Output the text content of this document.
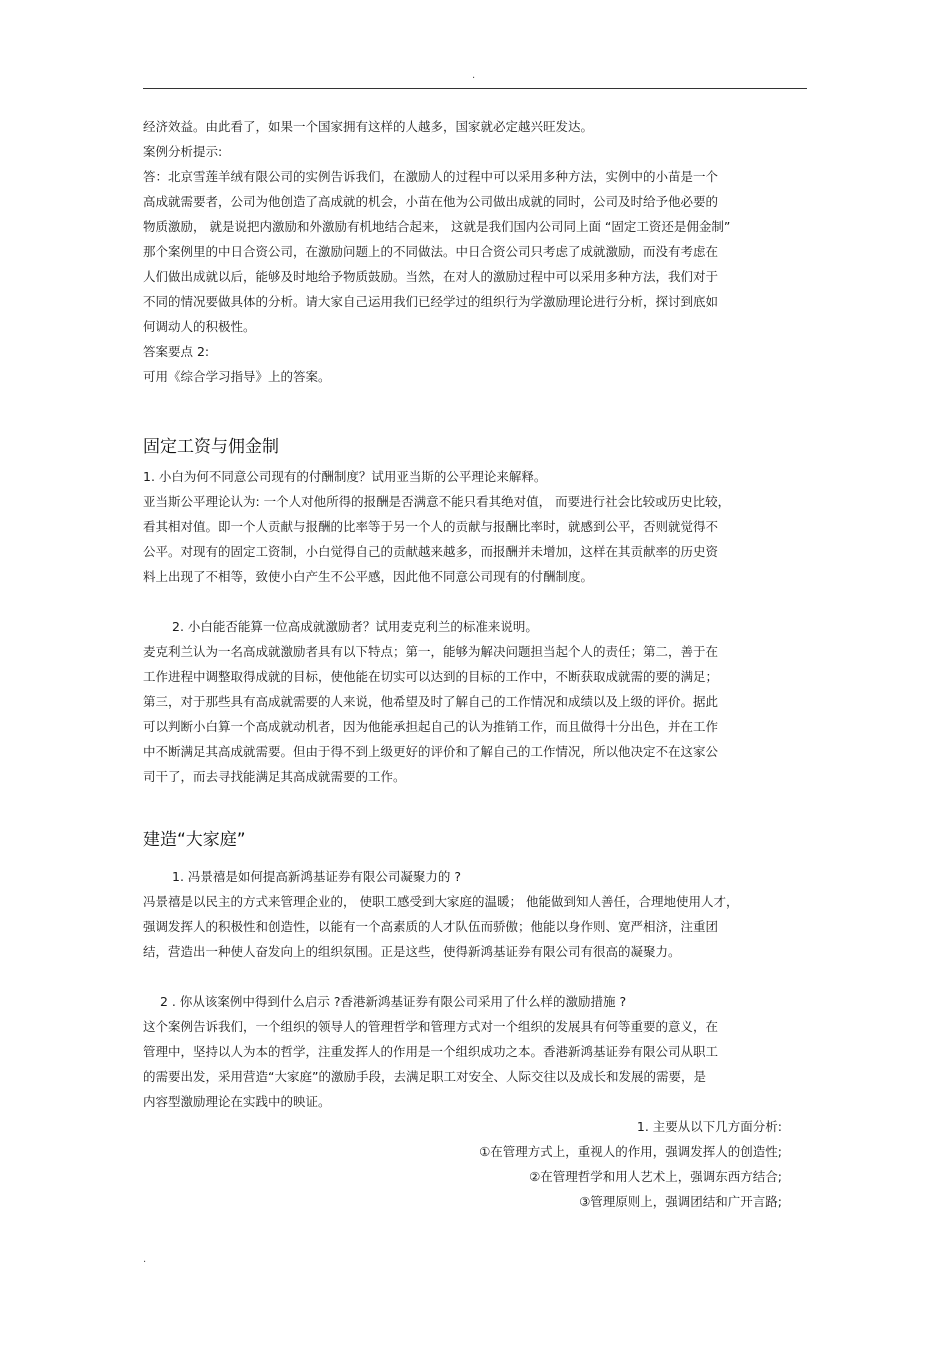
.
经济效益。由此看了，如果一个国家拥有这样的人越多，国家就必定越兴旺发达。
案例分析提示:
答：北京雪莲羊绒有限公司的实例告诉我们，在激励人的过程中可以采用多种方法，实例中的小苗是一个
高成就需要者，公司为他创造了高成就的机会，小苗在他为公司做出成就的同时，公司及时给予他必要的
物质激励， 就是说把内激励和外激励有机地结合起来， 这就是我们国内公司同上面 “固定工资还是佣金制”
那个案例里的中日合资公司，在激励问题上的不同做法。中日合资公司只考虑了成就激励，而没有考虑在
人们做出成就以后，能够及时地给予物质鼓励。当然，在对人的激励过程中可以采用多种方法，我们对于
不同的情况要做具体的分析。请大家自己运用我们已经学过的组织行为学激励理论进行分析，探讨到底如
何调动人的积极性。
答案要点 2:
可用《综合学习指导》上的答案。
固定工资与佣金制
1. 小白为何不同意公司现有的付酬制度？试用亚当斯的公平理论来解释。
亚当斯公平理论认为: 一个人对他所得的报酬是否满意不能只看其绝对值， 而要进行社会比较或历史比较，
看其相对值。即一个人贡献与报酬的比率等于另一个人的贡献与报酬比率时，就感到公平，否则就觉得不
公平。对现有的固定工资制，小白觉得自己的贡献越来越多，而报酬并未增加，这样在其贡献率的历史资
料上出现了不相等，致使小白产生不公平感，因此他不同意公司现有的付酬制度。
2. 小白能否能算一位高成就激励者？试用麦克利兰的标准来说明。
麦克利兰认为一名高成就激励者具有以下特点；第一，能够为解决问题担当起个人的责任；第二，善于在
工作进程中调整取得成就的目标，使他能在切实可以达到的目标的工作中，不断获取成就需的要的满足；
第三，对于那些具有高成就需要的人来说，他希望及时了解自己的工作情况和成绩以及上级的评价。据此
可以判断小白算一个高成就动机者，因为他能承担起自己的认为推销工作，而且做得十分出色，并在工作
中不断满足其高成就需要。但由于得不到上级更好的评价和了解自己的工作情况，所以他决定不在这家公
司干了，而去寻找能满足其高成就需要的工作。
建造“大家庭”
1. 冯景禧是如何提高新鸿基证券有限公司凝聚力的 ?
冯景禧是以民主的方式来管理企业的， 使职工感受到大家庭的温暖； 他能做到知人善任，合理地使用人才，
强调发挥人的积极性和创造性，以能有一个高素质的人才队伍而骄傲；他能以身作则、宽严相济，注重团
结，营造出一种使人奋发向上的组织氛围。正是这些，使得新鸿基证券有限公司有很高的凝聚力。
2 . 你从该案例中得到什么启示 ?香港新鸿基证券有限公司采用了什么样的激励措施 ?
这个案例告诉我们，一个组织的领导人的管理哲学和管理方式对一个组织的发展具有何等重要的意义，在
管理中，坚持以人为本的哲学，注重发挥人的作用是一个组织成功之本。香港新鸿基证券有限公司从职工
的需要出发，采用营造“大家庭”的激励手段，去满足职工对安全、人际交往以及成长和发展的需要，是
内容型激励理论在实践中的映证。
1. 主要从以下几方面分析:
①在管理方式上，重视人的作用，强调发挥人的创造性;
②在管理哲学和用人艺术上，强调东西方结合;
③管理原则上，强调团结和广开言路;
.
